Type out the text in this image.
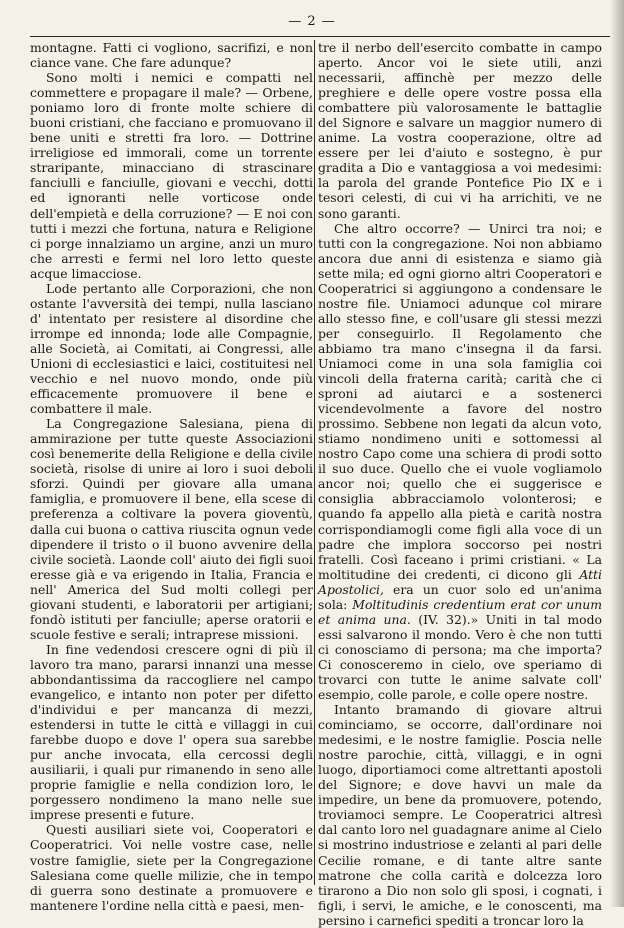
— 2 —

montagne. Fatti ci vogliono, sacrifizi, e non ciance vane. Che fare adunque?

Sono molti i nemici e compatti nel commettere e propagare il male? — Orbene, poniamo loro di fronte molte schiere di buoni cristiani, che facciano e promuovano il bene uniti e stretti fra loro. — Dottrine irreligiose ed immorali, come un torrente straripante, minacciano di strascinare fanciulli e fanciulle, giovani e vecchi, dotti ed ignoranti nelle vorticose onde dell'empietà e della corruzione? — E noi con tutti i mezzi che fortuna, natura e Religione ci porge innalziamo un argine, anzi un muro che arresti e fermi nel loro letto queste acque limacciose.

Lode pertanto alle Corporazioni, che non ostante l'avversità dei tempi, nulla lasciano d' intentato per resistere al disordine che irrompe ed innonda; lode alle Compagnie, alle Società, ai Comitati, ai Congressi, alle Unioni di ecclesiastici e laici, costituitesi nel vecchio e nel nuovo mondo, onde più efficacemente promuovere il bene e combattere il male.

La Congregazione Salesiana, piena di ammirazione per tutte queste Associazioni così benemerite della Religione e della civile società, risolse di unire ai loro i suoi deboli sforzi. Quindi per giovare alla umana famiglia, e promuovere il bene, ella scese di preferenza a coltivare la povera gioventù, dalla cui buona o cattiva riuscita ognun vede dipendere il tristo o il buono avvenire della civile società. Laonde coll' aiuto dei figli suoi eresse già e va erigendo in Italia, Francia e nell' America del Sud molti collegi per giovani studenti, e laboratorii per artigiani; fondò istituti per fanciulle; aperse oratorii e scuole festive e serali; intraprese missioni.

In fine vedendosi crescere ogni di più il lavoro tra mano, pararsi innanzi una messe abbondantissima da raccogliere nel campo evangelico, e intanto non poter per difetto d'individui e per mancanza di mezzi, estendersi in tutte le città e villaggi in cui farebbe duopo e dove l' opera sua sarebbe pur anche invocata, ella cercossi degli ausiliarii, i quali pur rimanendo in seno alle proprie famiglie e nella condizion loro, le porgessero nondimeno la mano nelle sue imprese presenti e future.

Questi ausiliari siete voi, Cooperatori e Cooperatrici. Voi nelle vostre case, nelle vostre famiglie, siete per la Congregazione Salesiana come quelle milizie, che in tempo di guerra sono destinate a promuovere e mantenere l'ordine nella città e paesi, men-

tre il nerbo dell'esercito combatte in campo aperto. Ancor voi le siete utili, anzi necessarii, affinchè per mezzo delle preghiere e delle opere vostre possa ella combattere più valorosamente le battaglie del Signore e salvare un maggior numero di anime. La vostra cooperazione, oltre ad essere per lei d'aiuto e sostegno, è pur gradita a Dio e vantaggiosa a voi medesimi: la parola del grande Pontefice Pio IX e i tesori celesti, di cui vi ha arrichiti, ve ne sono garanti.

Che altro occorre? — Unirci tra noi; e tutti con la congregazione. Noi non abbiamo ancora due anni di esistenza e siamo già sette mila; ed ogni giorno altri Cooperatori e Cooperatrici si aggiungono a condensare le nostre file. Uniamoci adunque col mirare allo stesso fine, e coll'usare gli stessi mezzi per conseguirlo. Il Regolamento che abbiamo tra mano c'insegna il da farsi. Uniamoci come in una sola famiglia coi vincoli della fraterna carità; carità che ci sproni ad aiutarci e a sostenerci vicendevolmente a favore del nostro prossimo. Sebbene non legati da alcun voto, stiamo nondimeno uniti e sottomessi al nostro Capo come una schiera di prodi sotto il suo duce. Quello che ei vuole vogliamolo ancor noi; quello che ei suggerisce e consiglia abbracciamolo volonterosi; e quando fa appello alla pietà e carità nostra corrispondiamogli come figli alla voce di un padre che implora soccorso pei nostri fratelli. Così faceano i primi cristiani. « La moltitudine dei credenti, ci dicono gli Atti Apostolici, era un cuor solo ed un'anima sola: Moltitudinis credentium erat cor unum et anima una. (IV. 32).» Uniti in tal modo essi salvarono il mondo. Vero è che non tutti ci conosciamo di persona; ma che importa? Ci conosceremo in cielo, ove speriamo di trovarci con tutte le anime salvate coll' esempio, colle parole, e colle opere nostre.

Intanto bramando di giovare altrui cominciamo, se occorre, dall'ordinare noi medesimi, e le nostre famiglie. Poscia nelle nostre parochie, città, villaggi, e in ogni luogo, diportiamoci come altrettanti apostoli del Signore; e dove havvi un male da impedire, un bene da promuovere, potendo, troviamoci sempre. Le Cooperatrici altresì dal canto loro nel guadagnare anime al Cielo si mostrino industriose e zelanti al pari delle Cecilie romane, e di tante altre sante matrone che colla carità e dolcezza loro tirarono a Dio non solo gli sposi, i cognati, i figli, i servi, le amiche, e le conoscenti, ma persino i carnefici spediti a troncar loro la
